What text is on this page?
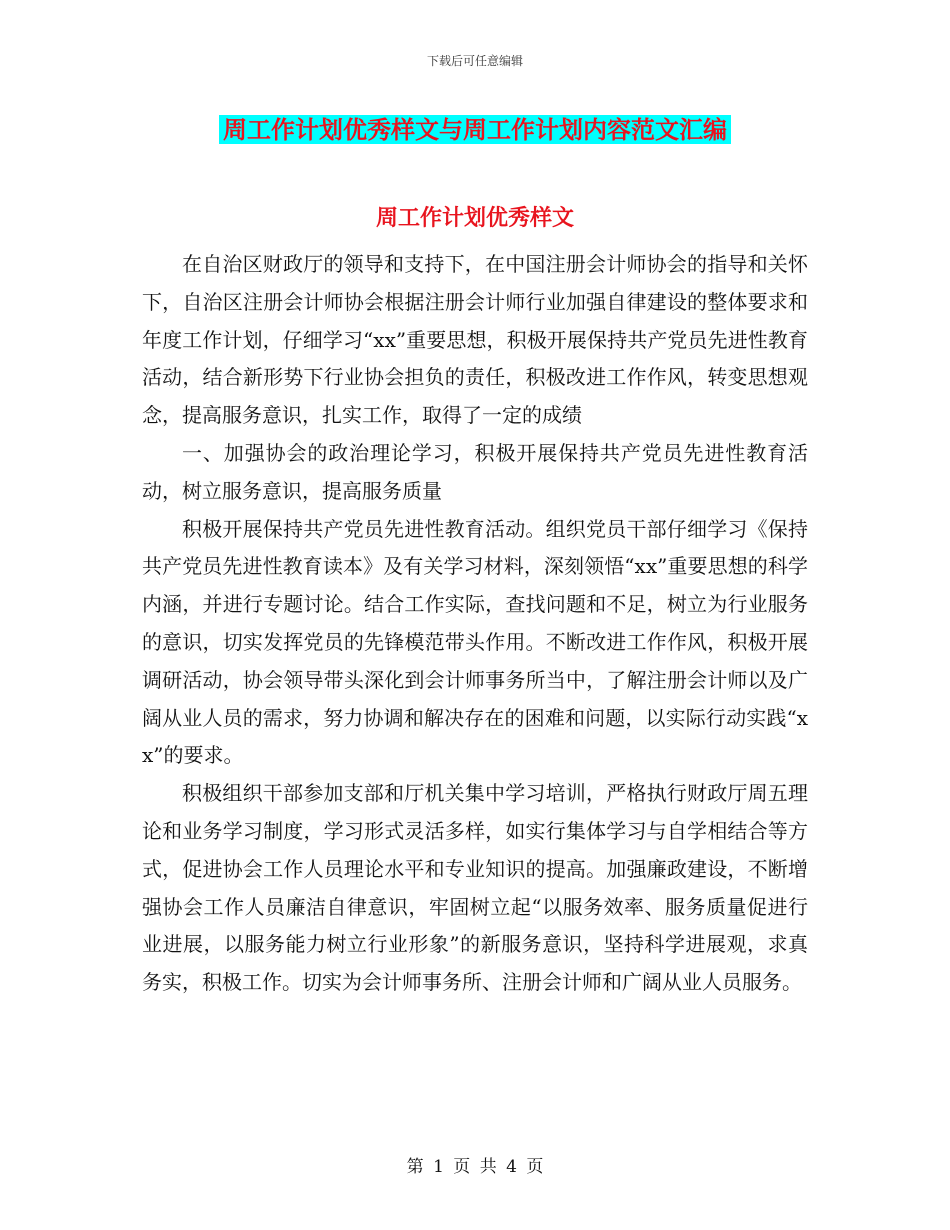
下载后可任意编辑
周工作计划优秀样文与周工作计划内容范文汇编
周工作计划优秀样文

在自治区财政厅的领导和支持下，在中国注册会计师协会的指导和关怀下，自治区注册会计师协会根据注册会计师行业加强自律建设的整体要求和年度工作计划，仔细学习“xx”重要思想，积极开展保持共产党员先进性教育活动，结合新形势下行业协会担负的责任，积极改进工作作风，转变思想观念，提高服务意识，扎实工作，取得了一定的成绩

一、加强协会的政治理论学习，积极开展保持共产党员先进性教育活动，树立服务意识，提高服务质量

积极开展保持共产党员先进性教育活动。组织党员干部仔细学习《保持共产党员先进性教育读本》及有关学习材料，深刻领悟“xx”重要思想的科学内涵，并进行专题讨论。结合工作实际，查找问题和不足，树立为行业服务的意识，切实发挥党员的先锋模范带头作用。不断改进工作作风，积极开展调研活动，协会领导带头深化到会计师事务所当中，了解注册会计师以及广阔从业人员的需求，努力协调和解决存在的困难和问题，以实际行动实践“xx”的要求。

积极组织干部参加支部和厅机关集中学习培训，严格执行财政厅周五理论和业务学习制度，学习形式灵活多样，如实行集体学习与自学相结合等方式，促进协会工作人员理论水平和专业知识的提高。加强廉政建设，不断增强协会工作人员廉洁自律意识，牢固树立起“以服务效率、服务质量促进行业进展，以服务能力树立行业形象”的新服务意识，坚持科学进展观，求真务实，积极工作。切实为会计师事务所、注册会计师和广阔从业人员服务。

第 1 页 共 4 页
